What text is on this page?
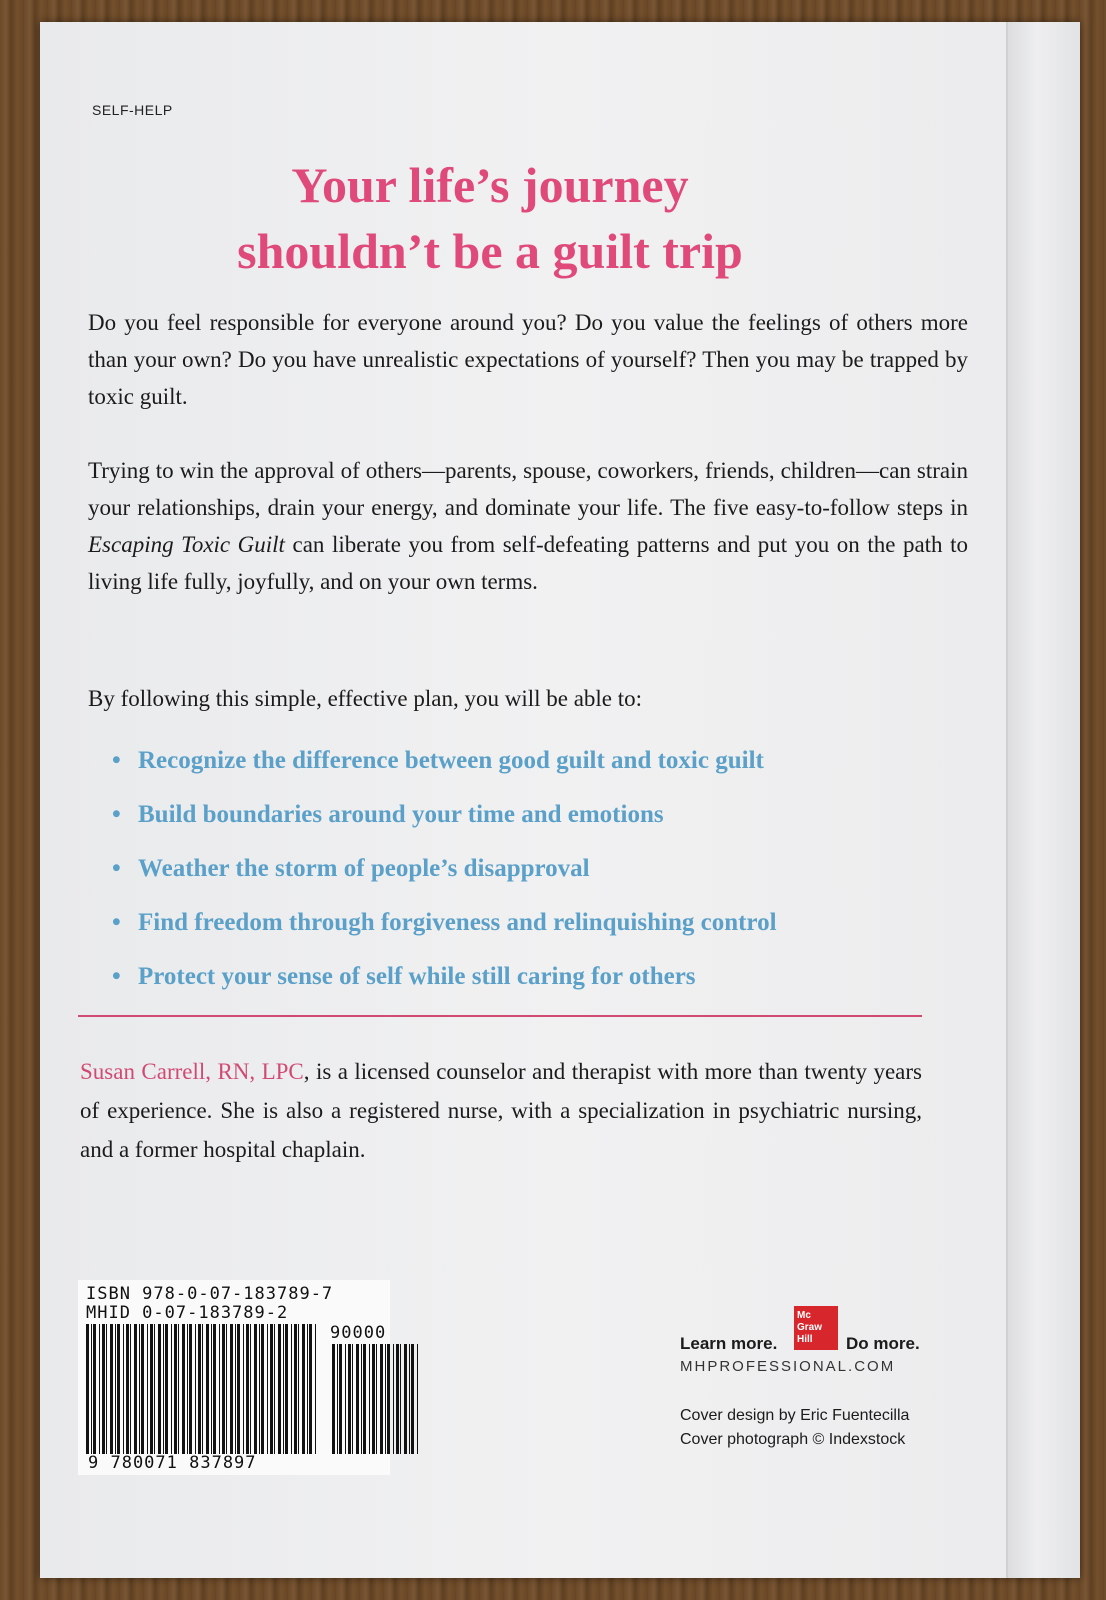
SELF-HELP
Your life’s journey
shouldn’t be a guilt trip

Do you feel responsible for everyone around you? Do you value the feelings of others more than your own? Do you have unrealistic expectations of yourself? Then you may be trapped by toxic guilt.

Trying to win the approval of others—parents, spouse, coworkers, friends, children—can strain your relationships, drain your energy, and dominate your life. The five easy-to-follow steps in Escaping Toxic Guilt can liberate you from self-defeating patterns and put you on the path to living life fully, joyfully, and on your own terms.

By following this simple, effective plan, you will be able to:

• Recognize the difference between good guilt and toxic guilt
• Build boundaries around your time and emotions
• Weather the storm of people’s disapproval
• Find freedom through forgiveness and relinquishing control
• Protect your sense of self while still caring for others

Susan Carrell, RN, LPC, is a licensed counselor and therapist with more than twenty years of experience. She is also a registered nurse, with a specialization in psychiatric nursing, and a former hospital chaplain.

ISBN 978-0-07-183789-7
MHID 0-07-183789-2
90000
9 780071 837897
Learn more.
Mc
Graw
Hill	Do more.
MHPROFESSIONAL.COM
Cover design by Eric Fuentecilla
Cover photograph © Indexstock
